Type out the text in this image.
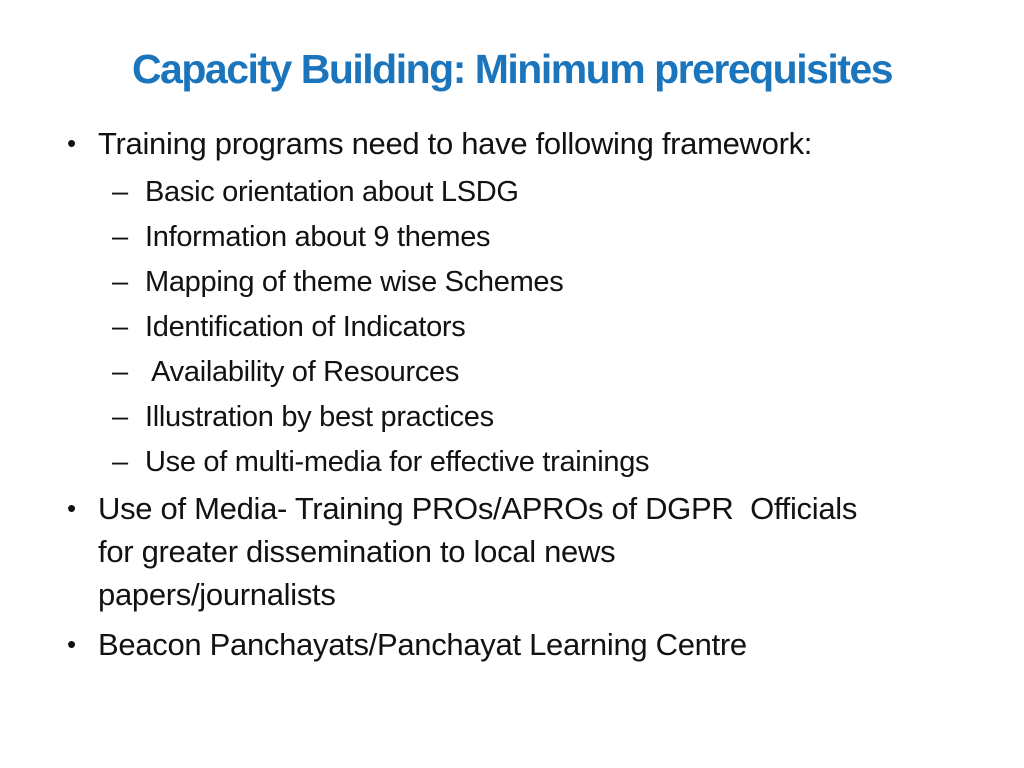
Capacity Building: Minimum prerequisites
• Training programs need to have following framework:
– Basic orientation about LSDG
– Information about 9 themes
– Mapping of theme wise Schemes
– Identification of Indicators
– Availability of Resources
– Illustration by best practices
– Use of multi-media for effective trainings
• Use of Media- Training PROs/APROs of DGPR  Officials
for greater dissemination to local news
papers/journalists
• Beacon Panchayats/Panchayat Learning Centre
